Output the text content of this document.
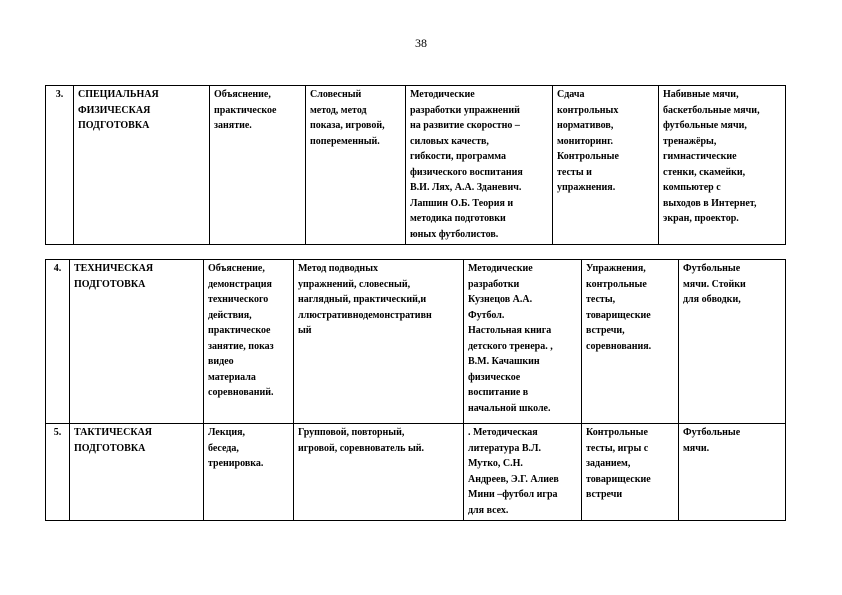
38
3.	СПЕЦИАЛЬНАЯ
ФИЗИЧЕСКАЯ
ПОДГОТОВКА

Объяснение,
практическое
занятие.

Словесный
метод, метод
показа, игровой,
попеременный.

Методические
разработки упражнений
на развитие скоростно –
силовых качеств,
гибкости, программа
физического воспитания
В.И. Лях, А.А. Зданевич.
Лапшин О.Б. Теория и
методика подготовки
юных футболистов.

Сдача
контрольных
нормативов,
мониторинг.
Контрольные
тесты и
упражнения.

Набивные мячи,
баскетбольные мячи,
футбольные мячи,
тренажёры,
гимнастические
стенки, скамейки,
компьютер с
выходов в Интернет,
экран, проектор.
4.	ТЕХНИЧЕСКАЯ
ПОДГОТОВКА

Объяснение,
демонстрация
технического
действия,
практическое
занятие, показ
видео
материала
соревнований.

Метод подводных
упражнений, словесный,
наглядный, практический,и
ллюстративнодемонстративн
ый

Методические
разработки
Кузнецов А.А.
Футбол.
Настольная книга
детского тренера. ,
В.М. Качашкин
физическое
воспитание в
начальной школе.

Упражнения,
контрольные
тесты,
товарищеские
встречи,
соревнования.

Футбольные
мячи. Стойки
для обводки,
5.	ТАКТИЧЕСКАЯ
ПОДГОТОВКА

Лекция,
беседа,
тренировка.

Групповой, повторный,
игровой, соревнователь ый.

. Методическая
литература В.Л.
Мутко, С.Н.
Андреев, Э.Г. Алиев
Мини –футбол игра
для всех.

Контрольные
тесты, игры с
заданием,
товарищеские
встречи

Футбольные
мячи.
